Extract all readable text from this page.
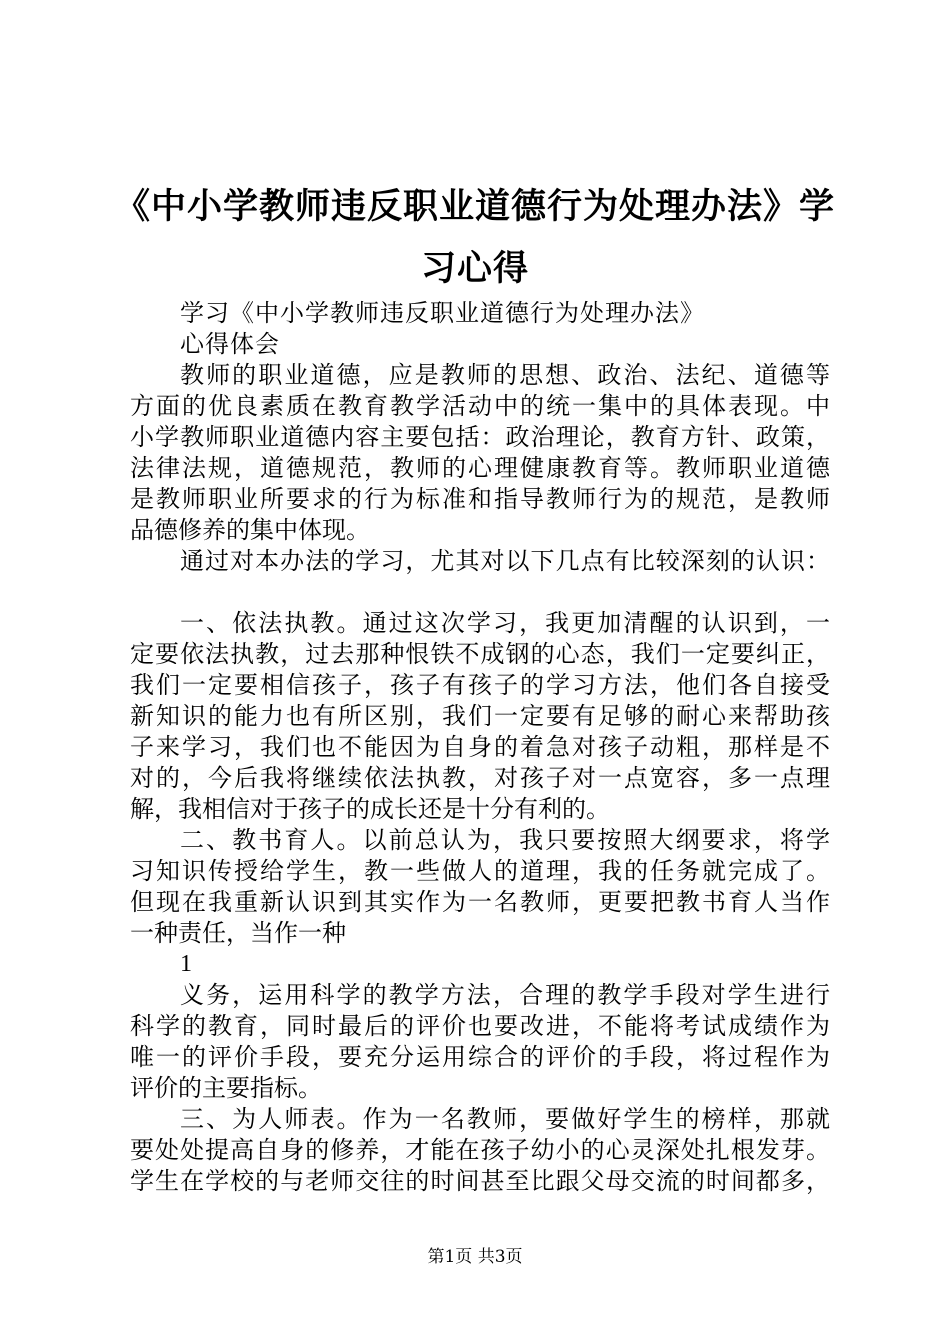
《中小学教师违反职业道德行为处理办法》学
习心得
学习《中小学教师违反职业道德行为处理办法》
心得体会
教师的职业道德，应是教师的思想、政治、法纪、道德等
方面的优良素质在教育教学活动中的统一集中的具体表现。中
小学教师职业道德内容主要包括：政治理论，教育方针、政策，
法律法规，道德规范，教师的心理健康教育等。教师职业道德
是教师职业所要求的行为标准和指导教师行为的规范，是教师
品德修养的集中体现。
通过对本办法的学习，尤其对以下几点有比较深刻的认识：
一、依法执教。通过这次学习，我更加清醒的认识到，一
定要依法执教，过去那种恨铁不成钢的心态，我们一定要纠正，
我们一定要相信孩子，孩子有孩子的学习方法，他们各自接受
新知识的能力也有所区别，我们一定要有足够的耐心来帮助孩
子来学习，我们也不能因为自身的着急对孩子动粗，那样是不
对的，今后我将继续依法执教，对孩子对一点宽容，多一点理
解，我相信对于孩子的成长还是十分有利的。
二、教书育人。以前总认为，我只要按照大纲要求，将学
习知识传授给学生，教一些做人的道理，我的任务就完成了。
但现在我重新认识到其实作为一名教师，更要把教书育人当作
一种责任，当作一种
1
义务，运用科学的教学方法，合理的教学手段对学生进行
科学的教育，同时最后的评价也要改进，不能将考试成绩作为
唯一的评价手段，要充分运用综合的评价的手段，将过程作为
评价的主要指标。
三、为人师表。作为一名教师，要做好学生的榜样，那就
要处处提高自身的修养，才能在孩子幼小的心灵深处扎根发芽。
学生在学校的与老师交往的时间甚至比跟父母交流的时间都多，
第1页 共3页
